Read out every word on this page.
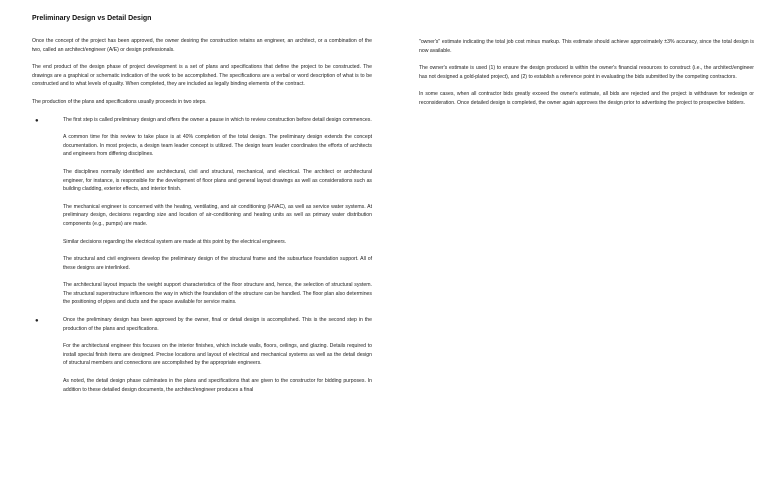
Preliminary Design vs Detail Design

Once the concept of the project has been approved, the owner desiring the construction retains an engineer, an architect, or a combination of the two, called an architect/engineer (A/E) or design professionals.

The end product of the design phase of project development is a set of plans and specifications that define the project to be constructed. The drawings are a graphical or schematic indication of the work to be accomplished. The specifications are a verbal or word description of what is to be constructed and to what levels of quality. When completed, they are included as legally binding elements of the contract.

The production of the plans and specifications usually proceeds in two steps.

●	The first step is called preliminary design and offers the owner a pause in which to review construction before detail design commences.

A common time for this review to take place is at 40% completion of the total design. The preliminary design extends the concept documentation. In most projects, a design team leader concept is utilized. The design team leader coordinates the efforts of architects and engineers from differing disciplines.

The disciplines normally identified are architectural, civil and structural, mechanical, and electrical. The architect or architectural engineer, for instance, is responsible for the development of floor plans and general layout drawings as well as considerations such as building cladding, exterior effects, and interior finish.

The mechanical engineer is concerned with the heating, ventilating, and air conditioning (HVAC), as well as service water systems. At preliminary design, decisions regarding size and location of air-conditioning and heating units as well as primary water distribution components (e.g., pumps) are made.

Similar decisions regarding the electrical system are made at this point by the electrical engineers.

The structural and civil engineers develop the preliminary design of the structural frame and the subsurface foundation support. All of these designs are interlinked.

The architectural layout impacts the weight support characteristics of the floor structure and, hence, the selection of structural system. The structural superstructure influences the way in which the foundation of the structure can be handled. The floor plan also determines the positioning of pipes and ducts and the space available for service mains.

●	Once the preliminary design has been approved by the owner, final or detail design is accomplished. This is the second step in the production of the plans and specifications.

For the architectural engineer this focuses on the interior finishes, which include walls, floors, ceilings, and glazing. Details required to install special finish items are designed. Precise locations and layout of electrical and mechanical systems as well as the detail design of structural members and connections are accomplished by the appropriate engineers.

As noted, the detail design phase culminates in the plans and specifications that are given to the constructor for bidding purposes. In addition to these detailed design documents, the architect/engineer produces a final

"owner's" estimate indicating the total job cost minus markup. This estimate should achieve approximately ±3% accuracy, since the total design is now available.

The owner's estimate is used (1) to ensure the design produced is within the owner's financial resources to construct (i.e., the architect/engineer has not designed a gold-plated project), and (2) to establish a reference point in evaluating the bids submitted by the competing contractors.

In some cases, when all contractor bids greatly exceed the owner's estimate, all bids are rejected and the project is withdrawn for redesign or reconsideration. Once detailed design is completed, the owner again approves the design prior to advertising the project to prospective bidders.
